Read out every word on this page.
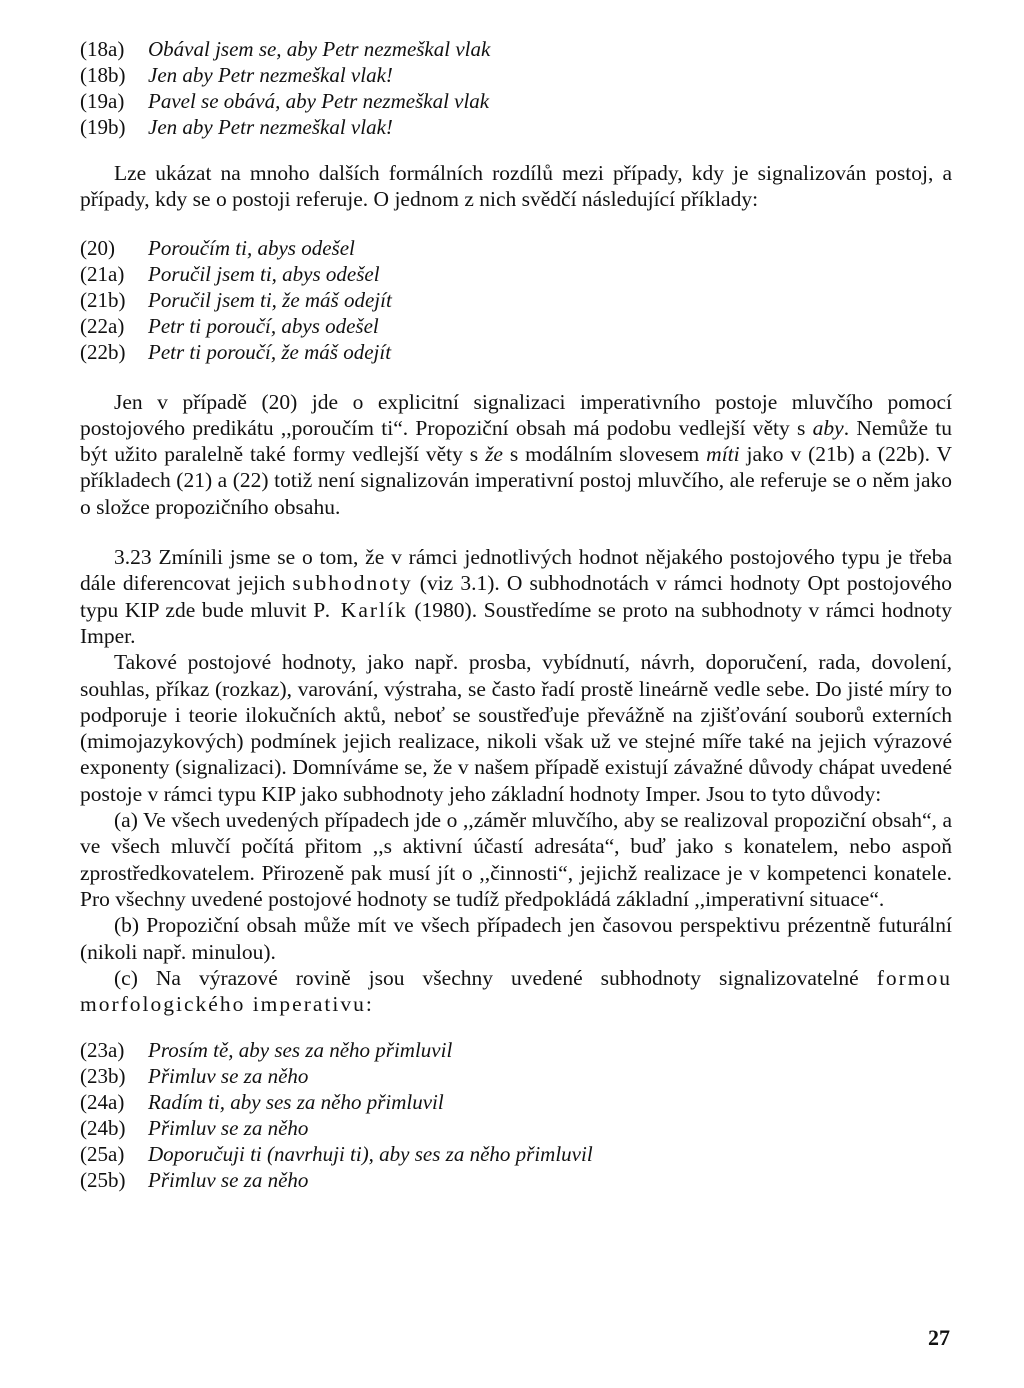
(18a)	Obával jsem se, aby Petr nezmeškal vlak
(18b)	Jen aby Petr nezmeškal vlak!
(19a)	Pavel se obává, aby Petr nezmeškal vlak
(19b)	Jen aby Petr nezmeškal vlak!

Lze ukázat na mnoho dalších formálních rozdílů mezi případy, kdy je signalizován postoj, a případy, kdy se o postoji referuje. O jednom z nich svědčí následující příklady:

(20)	Poroučím ti, abys odešel
(21a)	Poručil jsem ti, abys odešel
(21b)	Poručil jsem ti, že máš odejít
(22a)	Petr ti poroučí, abys odešel
(22b)	Petr ti poroučí, že máš odejít

Jen v případě (20) jde o explicitní signalizaci imperativního postoje mluvčího pomocí postojového predikátu ,,poroučím ti“. Propoziční obsah má podobu vedlejší věty s aby. Nemůže tu být užito paralelně také formy vedlejší věty s že s modálním slovesem míti jako v (21b) a (22b). V příkladech (21) a (22) totiž není signalizován imperativní postoj mluvčího, ale referuje se o něm jako o složce propozičního obsahu.

3.23 Zmínili jsme se o tom, že v rámci jednotlivých hodnot nějakého postojového typu je třeba dále diferencovat jejich subhodnoty (viz 3.1). O subhodnotách v rámci hodnoty Opt postojového typu KIP zde bude mluvit P. Karlík (1980). Soustředíme se proto na subhodnoty v rámci hodnoty Imper.

Takové postojové hodnoty, jako např. prosba, vybídnutí, návrh, doporučení, rada, dovolení, souhlas, příkaz (rozkaz), varování, výstraha, se často řadí prostě lineárně vedle sebe. Do jisté míry to podporuje i teorie ilokučních aktů, neboť se soustřeďuje převážně na zjišťování souborů externích (mimojazykových) podmínek jejich realizace, nikoli však už ve stejné míře také na jejich výrazové exponenty (signalizaci). Domníváme se, že v našem případě existují závažné důvody chápat uvedené postoje v rámci typu KIP jako subhodnoty jeho základní hodnoty Imper. Jsou to tyto důvody:

(a) Ve všech uvedených případech jde o ,,záměr mluvčího, aby se realizoval propoziční obsah“, a ve všech mluvčí počítá přitom ,,s aktivní účastí adresáta“, buď jako s konatelem, nebo aspoň zprostředkovatelem. Přirozeně pak musí jít o ,,činnosti“, jejichž realizace je v kompetenci konatele. Pro všechny uvedené postojové hodnoty se tudíž předpokládá základní ,,imperativní situace“.

(b) Propoziční obsah může mít ve všech případech jen časovou perspektivu prézentně futurální (nikoli např. minulou).

(c) Na výrazové rovině jsou všechny uvedené subhodnoty signalizovatelné formou morfologického imperativu:

(23a)	Prosím tě, aby ses za něho přimluvil
(23b)	Přimluv se za něho
(24a)	Radím ti, aby ses za něho přimluvil
(24b)	Přimluv se za něho
(25a)	Doporučuji ti (navrhuji ti), aby ses za něho přimluvil
(25b)	Přimluv se za něho
27
